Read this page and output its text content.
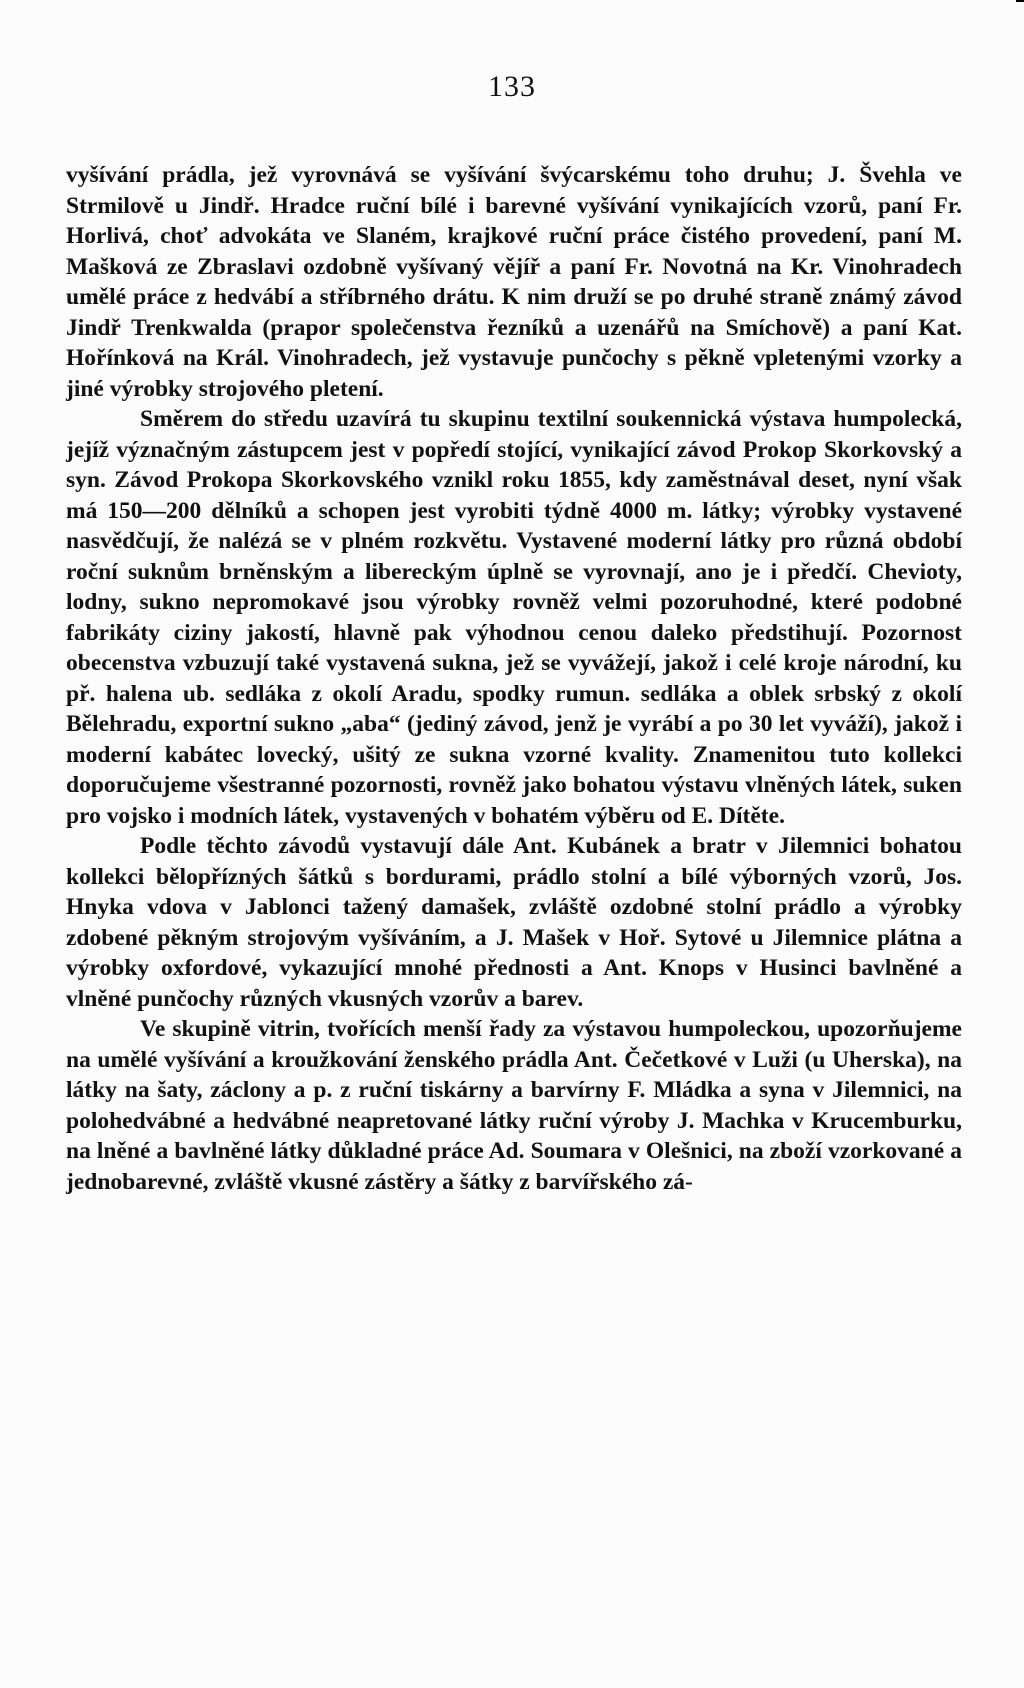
133

vyšívání prádla, jež vyrovnává se vyšívání švýcarskému toho druhu; J. Švehla ve Strmilově u Jindř. Hradce ruční bílé i barevné vyšívání vynikajících vzorů, paní Fr. Horlivá, choť advokáta ve Slaném, krajkové ruční práce čistého provedení, paní M. Mašková ze Zbraslavi ozdobně vyšívaný vějíř a paní Fr. Novotná na Kr. Vinohradech umělé práce z hedvábí a stříbrného drátu. K nim druží se po druhé straně známý závod Jindř Trenkwalda (prapor společenstva řezníků a uzenářů na Smíchově) a paní Kat. Hořínková na Král. Vinohradech, jež vystavuje punčochy s pěkně vpletenými vzorky a jiné výrobky strojového pletení.

Směrem do středu uzavírá tu skupinu textilní soukennická výstava humpolecká, jejíž význačným zástupcem jest v popředí stojící, vynikající závod Prokop Skorkovský a syn. Závod Prokopa Skorkovského vznikl roku 1855, kdy zaměstnával deset, nyní však má 150—200 dělníků a schopen jest vyrobiti týdně 4000 m. látky; výrobky vystavené nasvědčují, že nalézá se v plném rozkvětu. Vystavené moderní látky pro různá období roční suknům brněnským a libereckým úplně se vyrovnají, ano je i předčí. Chevioty, lodny, sukno nepromokavé jsou výrobky rovněž velmi pozoruhodné, které podobné fabrikáty ciziny jakostí, hlavně pak výhodnou cenou daleko předstihují. Pozornost obecenstva vzbuzují také vystavená sukna, jež se vyvážejí, jakož i celé kroje národní, ku př. halena ub. sedláka z okolí Aradu, spodky rumun. sedláka a oblek srbský z okolí Bělehradu, exportní sukno „aba“ (jediný závod, jenž je vyrábí a po 30 let vyváží), jakož i moderní kabátec lovecký, ušitý ze sukna vzorné kvality. Znamenitou tuto kollekci doporučujeme všestranné pozornosti, rovněž jako bohatou výstavu vlněných látek, suken pro vojsko i modních látek, vystavených v bohatém výběru od E. Dítěte.

Podle těchto závodů vystavují dále Ant. Kubánek a bratr v Jilemnici bohatou kollekci bělopřízných šátků s bordurami, prádlo stolní a bílé výborných vzorů, Jos. Hnyka vdova v Jablonci tažený damašek, zvláště ozdobné stolní prádlo a výrobky zdobené pěkným strojovým vyšíváním, a J. Mašek v Hoř. Sytové u Jilemnice plátna a výrobky oxfordové, vykazující mnohé přednosti a Ant. Knops v Husinci bavlněné a vlněné punčochy různých vkusných vzorův a barev.

Ve skupině vitrin, tvořících menší řady za výstavou humpoleckou, upozorňujeme na umělé vyšívání a kroužkování ženského prádla Ant. Čečetkové v Luži (u Uherska), na látky na šaty, záclony a p. z ruční tiskárny a barvírny F. Mládka a syna v Jilemnici, na polohedvábné a hedvábné neapretované látky ruční výroby J. Machka v Krucemburku, na lněné a bavlněné látky důkladné práce Ad. Soumara v Olešnici, na zboží vzorkované a jednobarevné, zvláště vkusné zástěry a šátky z barvířského zá-
